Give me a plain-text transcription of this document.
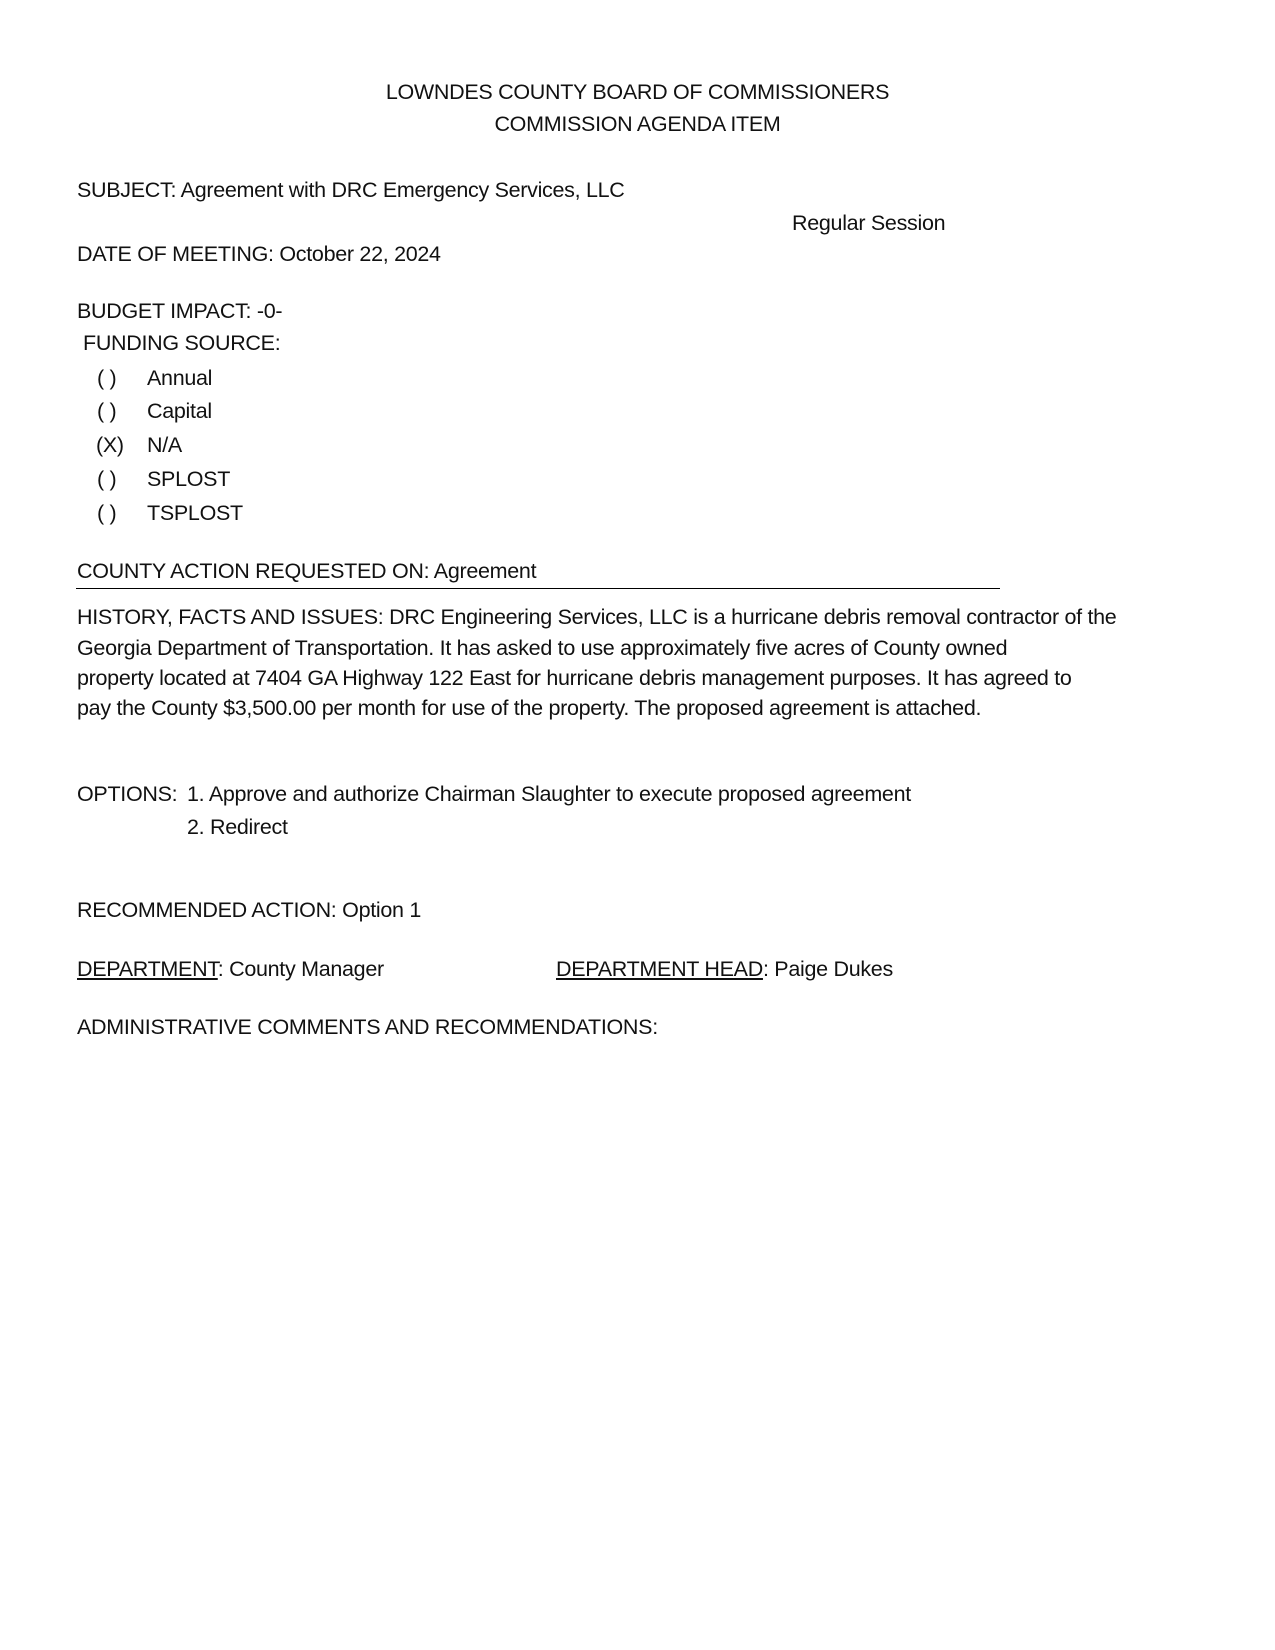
LOWNDES COUNTY BOARD OF COMMISSIONERS
COMMISSION AGENDA ITEM
SUBJECT: Agreement with DRC Emergency Services, LLC
Regular Session
DATE OF MEETING: October 22, 2024
BUDGET IMPACT: -0-
FUNDING SOURCE:
( ) Annual
( ) Capital
(X) N/A
( ) SPLOST
( ) TSPLOST
COUNTY ACTION REQUESTED ON: Agreement
HISTORY, FACTS AND ISSUES: DRC Engineering Services, LLC is a hurricane debris removal contractor of the
Georgia Department of Transportation. It has asked to use approximately five acres of County owned
property located at 7404 GA Highway 122 East for hurricane debris management purposes. It has agreed to
pay the County $3,500.00 per month for use of the property. The proposed agreement is attached.
OPTIONS: 1. Approve and authorize Chairman Slaughter to execute proposed agreement
2. Redirect
RECOMMENDED ACTION: Option 1
DEPARTMENT: County Manager	DEPARTMENT HEAD: Paige Dukes
ADMINISTRATIVE COMMENTS AND RECOMMENDATIONS:
